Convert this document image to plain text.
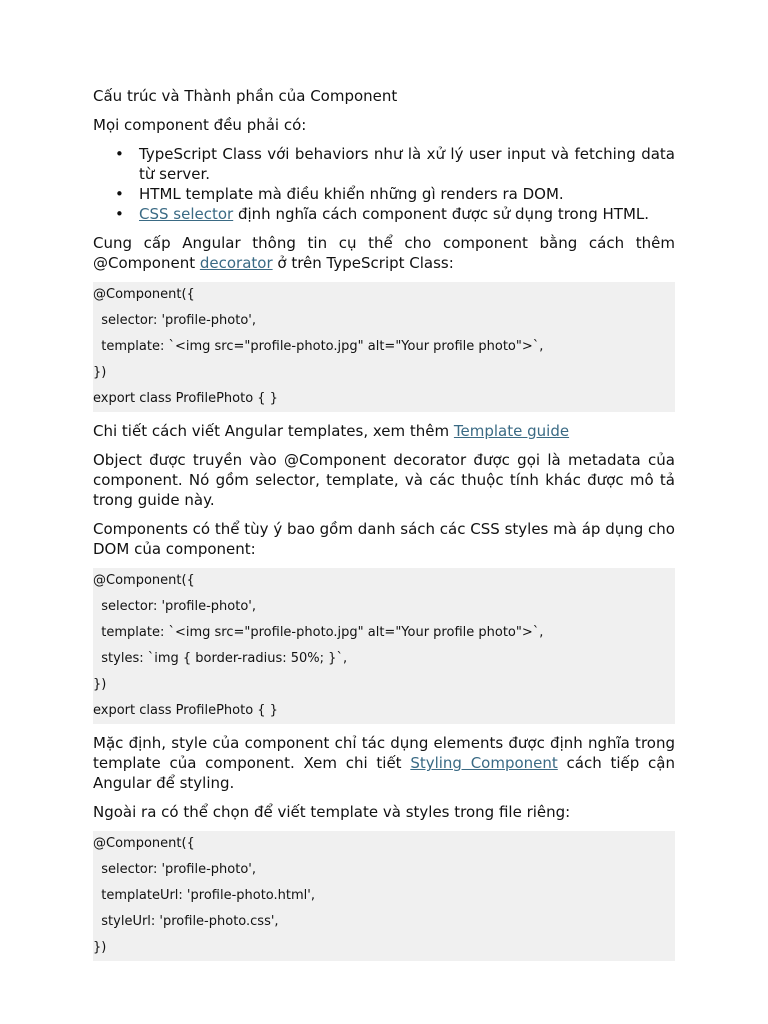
Cấu trúc và Thành phần của Component

Mọi component đều phải có:

• TypeScript Class với behaviors như là xử lý user input và fetching data từ server.
• HTML template mà điều khiển những gì renders ra DOM.
• CSS selector định nghĩa cách component được sử dụng trong HTML.

Cung cấp Angular thông tin cụ thể cho component bằng cách thêm @Component decorator ở trên TypeScript Class:

@Component({
selector: 'profile-photo',
template: `<img src="profile-photo.jpg" alt="Your profile photo">`,
})
export class ProfilePhoto { }

Chi tiết cách viết Angular templates, xem thêm Template guide

Object được truyền vào @Component decorator được gọi là metadata của component. Nó gồm selector, template, và các thuộc tính khác được mô tả trong guide này.

Components có thể tùy ý bao gồm danh sách các CSS styles mà áp dụng cho DOM của component:

@Component({
selector: 'profile-photo',
template: `<img src="profile-photo.jpg" alt="Your profile photo">`,
styles: `img { border-radius: 50%; }`,
})
export class ProfilePhoto { }

Mặc định, style của component chỉ tác dụng elements được định nghĩa trong template của component. Xem chi tiết Styling Component cách tiếp cận Angular để styling.

Ngoài ra có thể chọn để viết template và styles trong file riêng:

@Component({
selector: 'profile-photo',
templateUrl: 'profile-photo.html',
styleUrl: 'profile-photo.css',
})
